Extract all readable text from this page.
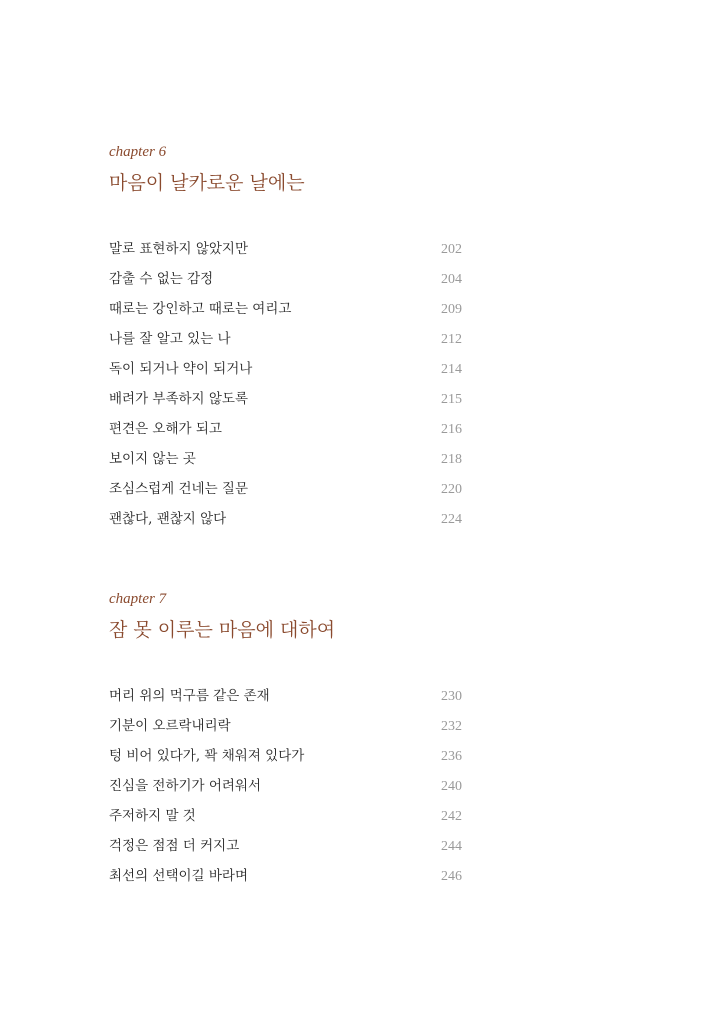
chapter 6
마음이 날카로운 날에는
말로 표현하지 않았지만	202
감출 수 없는 감정	204
때로는 강인하고 때로는 여리고	209
나를 잘 알고 있는 나	212
독이 되거나 약이 되거나	214
배려가 부족하지 않도록	215
편견은 오해가 되고	216
보이지 않는 곳	218
조심스럽게 건네는 질문	220
괜찮다, 괜찮지 않다	224
chapter 7
잠 못 이루는 마음에 대하여
머리 위의 먹구름 같은 존재	230
기분이 오르락내리락	232
텅 비어 있다가, 꽉 채워져 있다가	236
진심을 전하기가 어려워서	240
주저하지 말 것	242
걱정은 점점 더 커지고	244
최선의 선택이길 바라며	246
